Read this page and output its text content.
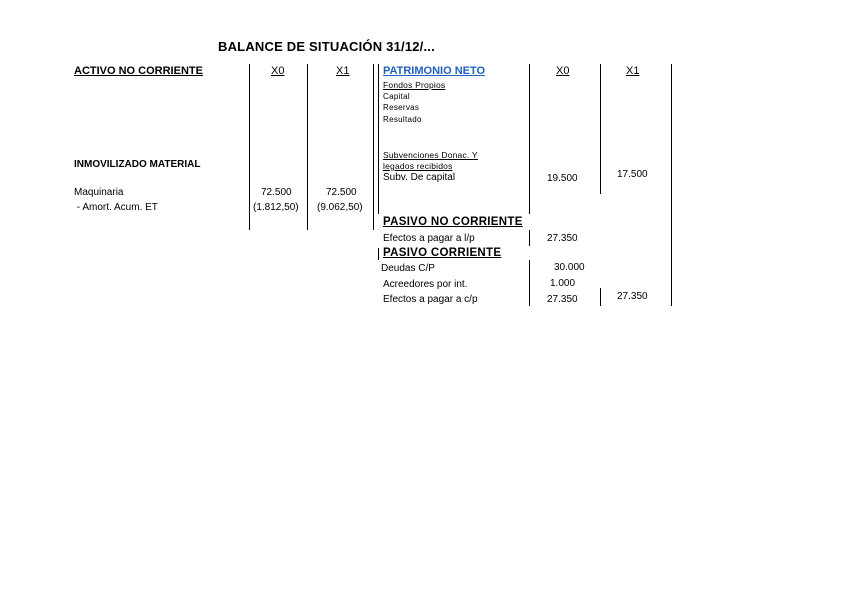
BALANCE DE SITUACIÓN 31/12/...
ACTIVO NO CORRIENTE	X0	X1
INMOVILIZADO MATERIAL
Maquinaria	72.500	72.500
- Amort. Acum. ET	(1.812,50) (9.062,50)
PATRIMONIO NETO	X0	X1
Fondos Propios
Capital
Reservas
Resultado
Subvenciones Donac. Y
legados recibidos
Subv. De capital	19.500	17.500
PASIVO NO CORRIENTE
Efectos a pagar a l/p	27.350
PASIVO CORRIENTE
Deudas C/P	30.000
Acreedores por int.	1.000
Efectos a pagar a c/p	27.350	27.350
